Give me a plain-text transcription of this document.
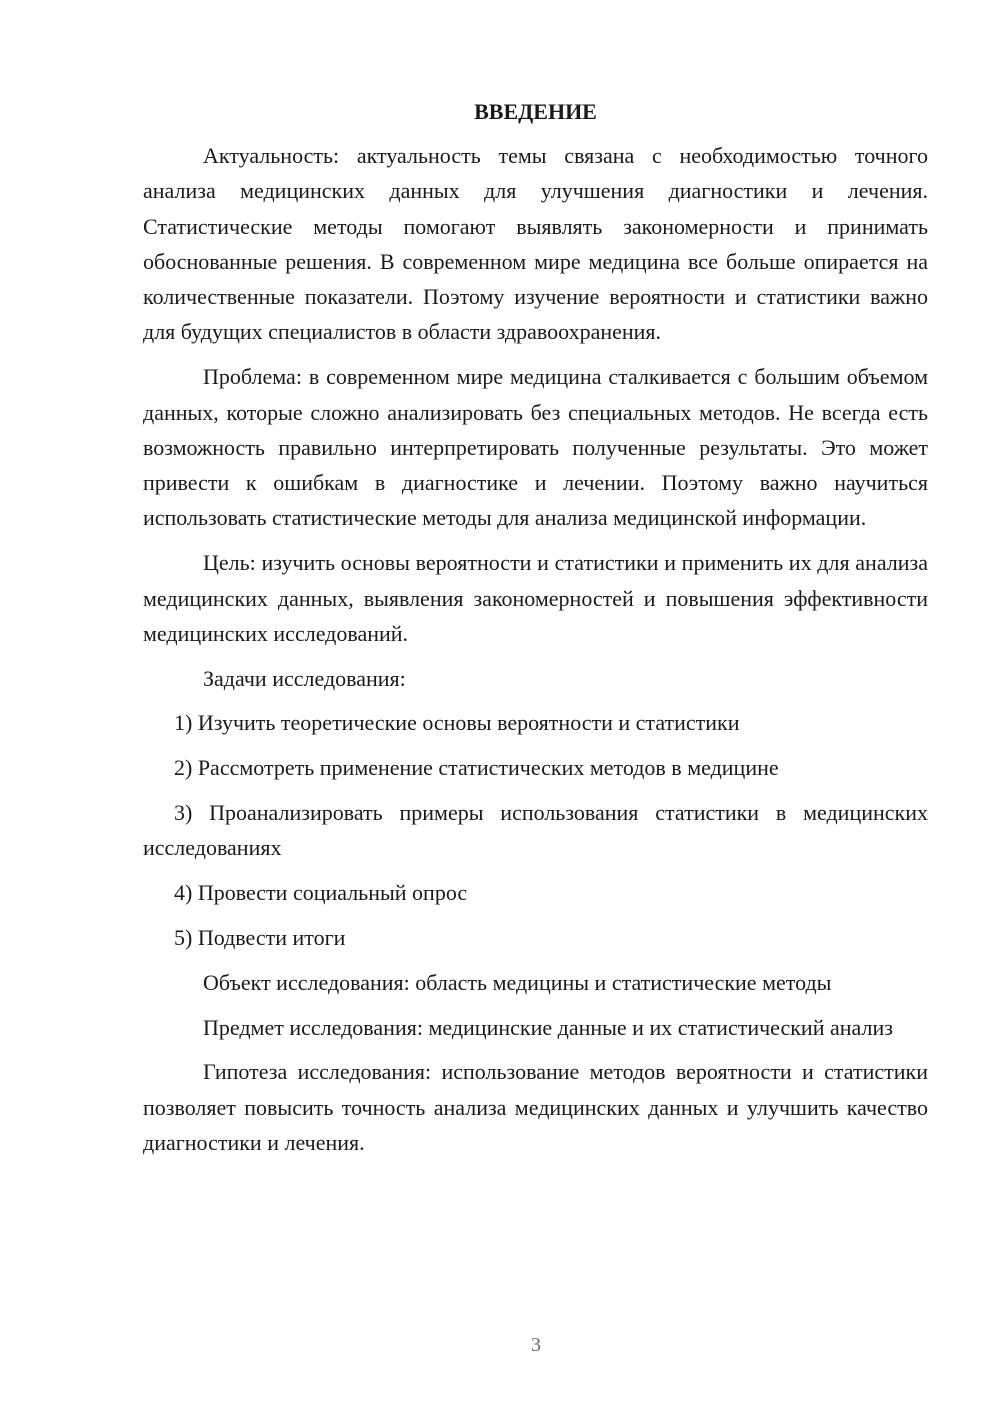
ВВЕДЕНИЕ

Актуальность: актуальность темы связана с необходимостью точного анализа медицинских данных для улучшения диагностики и лечения. Статистические методы помогают выявлять закономерности и принимать обоснованные решения. В современном мире медицина все больше опирается на количественные показатели. Поэтому изучение вероятности и статистики важно для будущих специалистов в области здравоохранения.

Проблема: в современном мире медицина сталкивается с большим объемом данных, которые сложно анализировать без специальных методов. Не всегда есть возможность правильно интерпретировать полученные результаты. Это может привести к ошибкам в диагностике и лечении. Поэтому важно научиться использовать статистические методы для анализа медицинской информации.

Цель: изучить основы вероятности и статистики и применить их для анализа медицинских данных, выявления закономерностей и повышения эффективности медицинских исследований.

Задачи исследования:

1) Изучить теоретические основы вероятности и статистики

2) Рассмотреть применение статистических методов в медицине

3) Проанализировать примеры использования статистики в медицинских исследованиях

4) Провести социальный опрос

5) Подвести итоги

Объект исследования: область медицины и статистические методы

Предмет исследования: медицинские данные и их статистический анализ

Гипотеза исследования: использование методов вероятности и статистики позволяет повысить точность анализа медицинских данных и улучшить качество диагностики и лечения.

3
